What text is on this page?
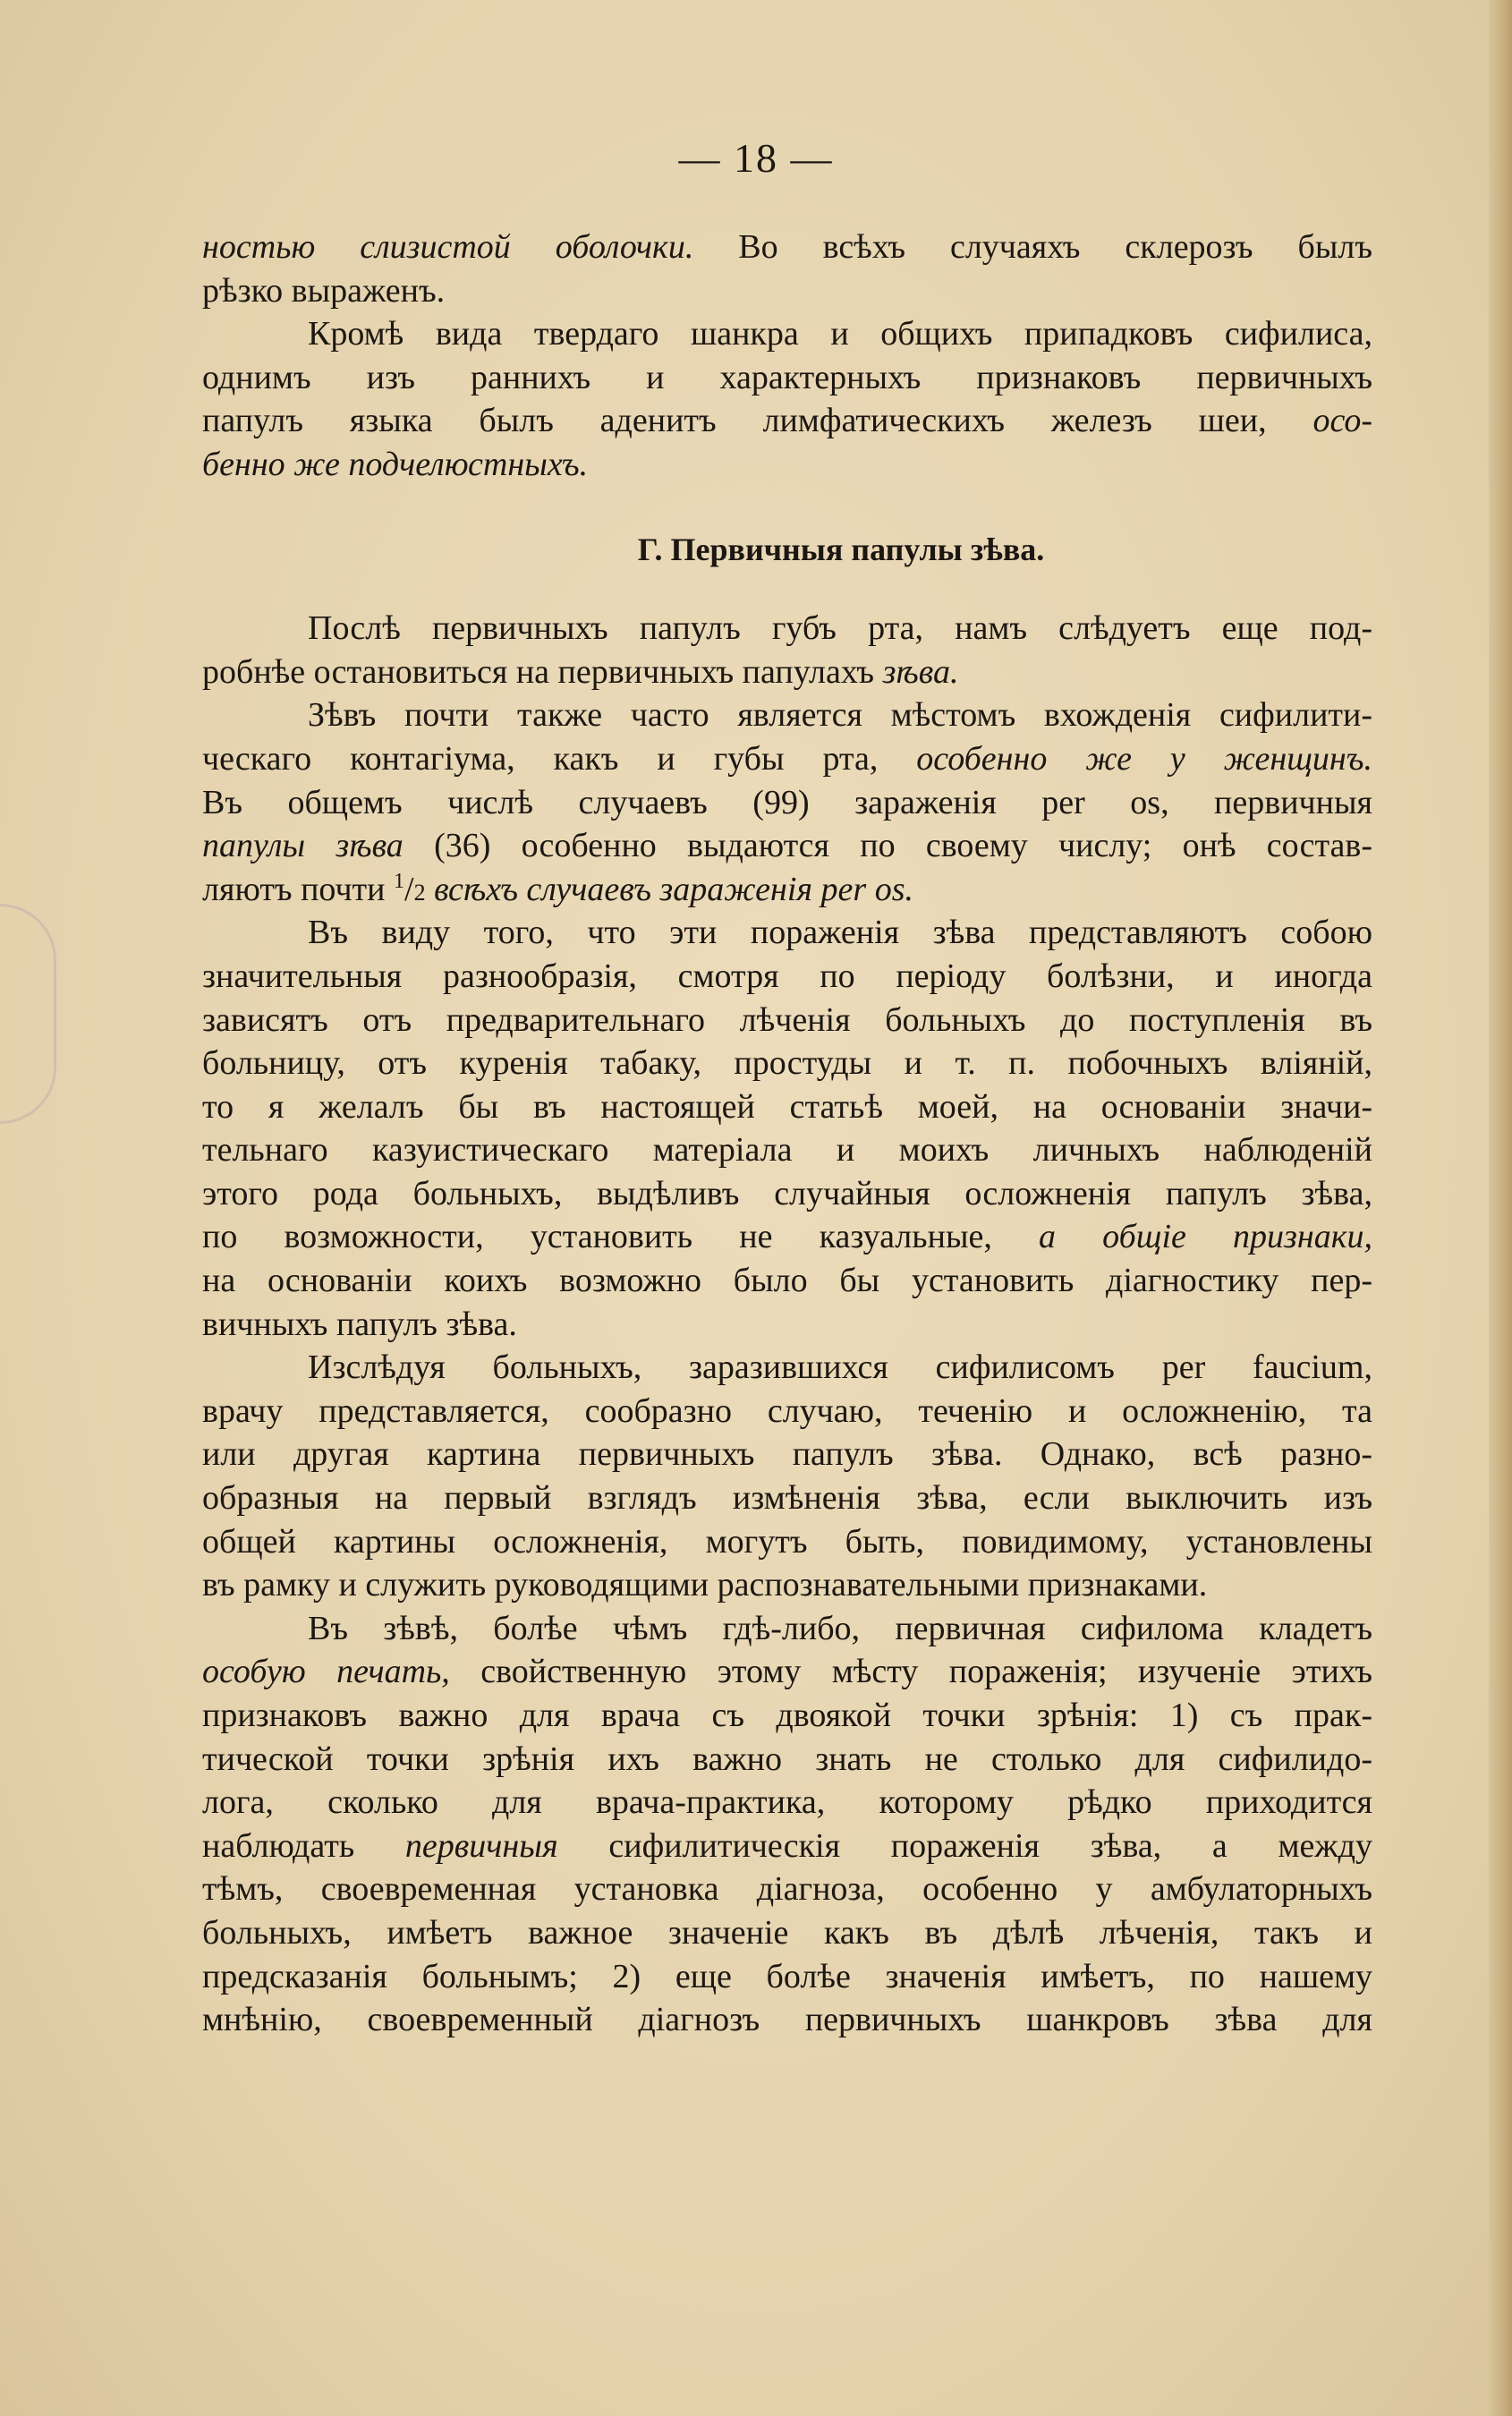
— 18 —
ностью слизистой оболочки. Во всѣхъ случаяхъ склерозъ былъ
рѣзко выраженъ.
Кромѣ вида твердаго шанкра и общихъ припадковъ сифилиса,
однимъ изъ раннихъ и характерныхъ признаковъ первичныхъ
папулъ языка былъ аденитъ лимфатическихъ железъ шеи, осо-
бенно же подчелюстныхъ.
Г. Первичныя папулы зѣва.
Послѣ первичныхъ папулъ губъ рта, намъ слѣдуетъ еще под-
робнѣе остановиться на первичныхъ папулахъ зѣва.
Зѣвъ почти также часто является мѣстомъ вхожденія сифилити-
ческаго контагіума, какъ и губы рта, особенно же у женщинъ.
Въ общемъ числѣ случаевъ (99) зараженія per os, первичныя
папулы зѣва (36) особенно выдаются по своему числу; онѣ состав-
ляютъ почти $^1$/2 всѣхъ случаевъ зараженія per os.
Въ виду того, что эти пораженія зѣва представляютъ собою
значительныя разнообразія, смотря по періоду болѣзни, и иногда
зависятъ отъ предварительнаго лѣченія больныхъ до поступленія въ
больницу, отъ куренія табаку, простуды и т. п. побочныхъ вліяній,
то я желалъ бы въ настоящей статьѣ моей, на основаніи значи-
тельнаго казуистическаго матеріала и моихъ личныхъ наблюденій
этого рода больныхъ, выдѣливъ случайныя осложненія папулъ зѣва,
по возможности, установить не казуальные, а общіе признаки,
на основаніи коихъ возможно было бы установить діагностику пер-
вичныхъ папулъ зѣва.
Изслѣдуя больныхъ, заразившихся сифилисомъ per faucium,
врачу представляется, сообразно случаю, теченію и осложненію, та
или другая картина первичныхъ папулъ зѣва. Однако, всѣ разно-
образныя на первый взглядъ измѣненія зѣва, если выключить изъ
общей картины осложненія, могутъ быть, повидимому, установлены
въ рамку и служить руководящими распознавательными признаками.
Въ зѣвѣ, болѣе чѣмъ гдѣ-либо, первичная сифилома кладетъ
особую печать, свойственную этому мѣсту пораженія; изученіе этихъ
признаковъ важно для врача съ двоякой точки зрѣнія: 1) съ прак-
тической точки зрѣнія ихъ важно знать не столько для сифилидо-
лога, сколько для врача-практика, которому рѣдко приходится
наблюдать первичныя сифилитическія пораженія зѣва, а между
тѣмъ, своевременная установка діагноза, особенно у амбулаторныхъ
больныхъ, имѣетъ важное значеніе какъ въ дѣлѣ лѣченія, такъ и
предсказанія больнымъ; 2) еще болѣе значенія имѣетъ, по нашему
мнѣнію, своевременный діагнозъ первичныхъ шанкровъ зѣва для
